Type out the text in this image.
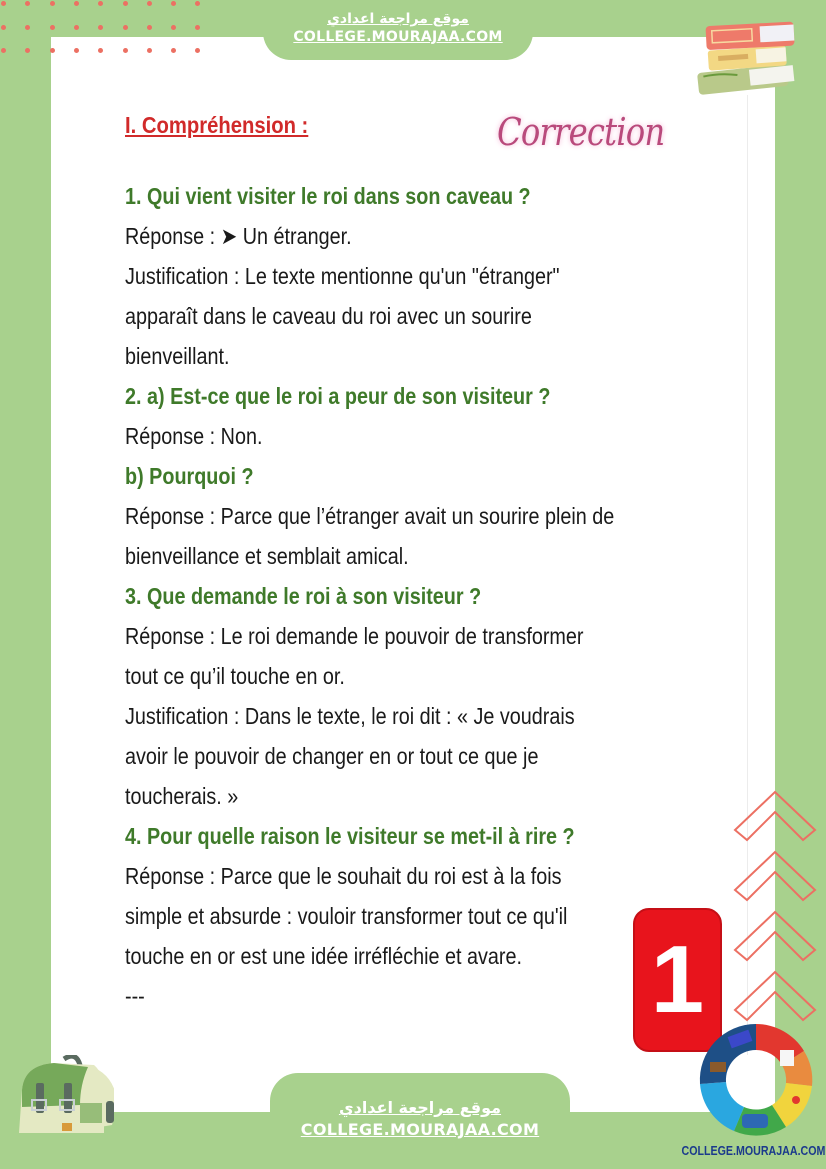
موقع مراجعة اعدادي
COLLEGE.MOURAJAA.COM
I. Compréhension :
1. Qui vient visiter le roi dans son caveau ?
Réponse : ➤ Un étranger.
Justification : Le texte mentionne qu'un "étranger"
apparaît dans le caveau du roi avec un sourire
bienveillant.
2. a) Est-ce que le roi a peur de son visiteur ?
Réponse : Non.
b) Pourquoi ?
Réponse : Parce que l’étranger avait un sourire plein de
bienveillance et semblait amical.
3. Que demande le roi à son visiteur ?
Réponse : Le roi demande le pouvoir de transformer
tout ce qu’il touche en or.
Justification : Dans le texte, le roi dit : « Je voudrais
avoir le pouvoir de changer en or tout ce que je
toucherais. »
4. Pour quelle raison le visiteur se met-il à rire ?
Réponse : Parce que le souhait du roi est à la fois
simple et absurde : vouloir transformer tout ce qu'il
touche en or est une idée irréfléchie et avare.
---
Correction
1
موقع مراجعة اعدادي
COLLEGE.MOURAJAA.COM
COLLEGE.MOURAJAA.COM
